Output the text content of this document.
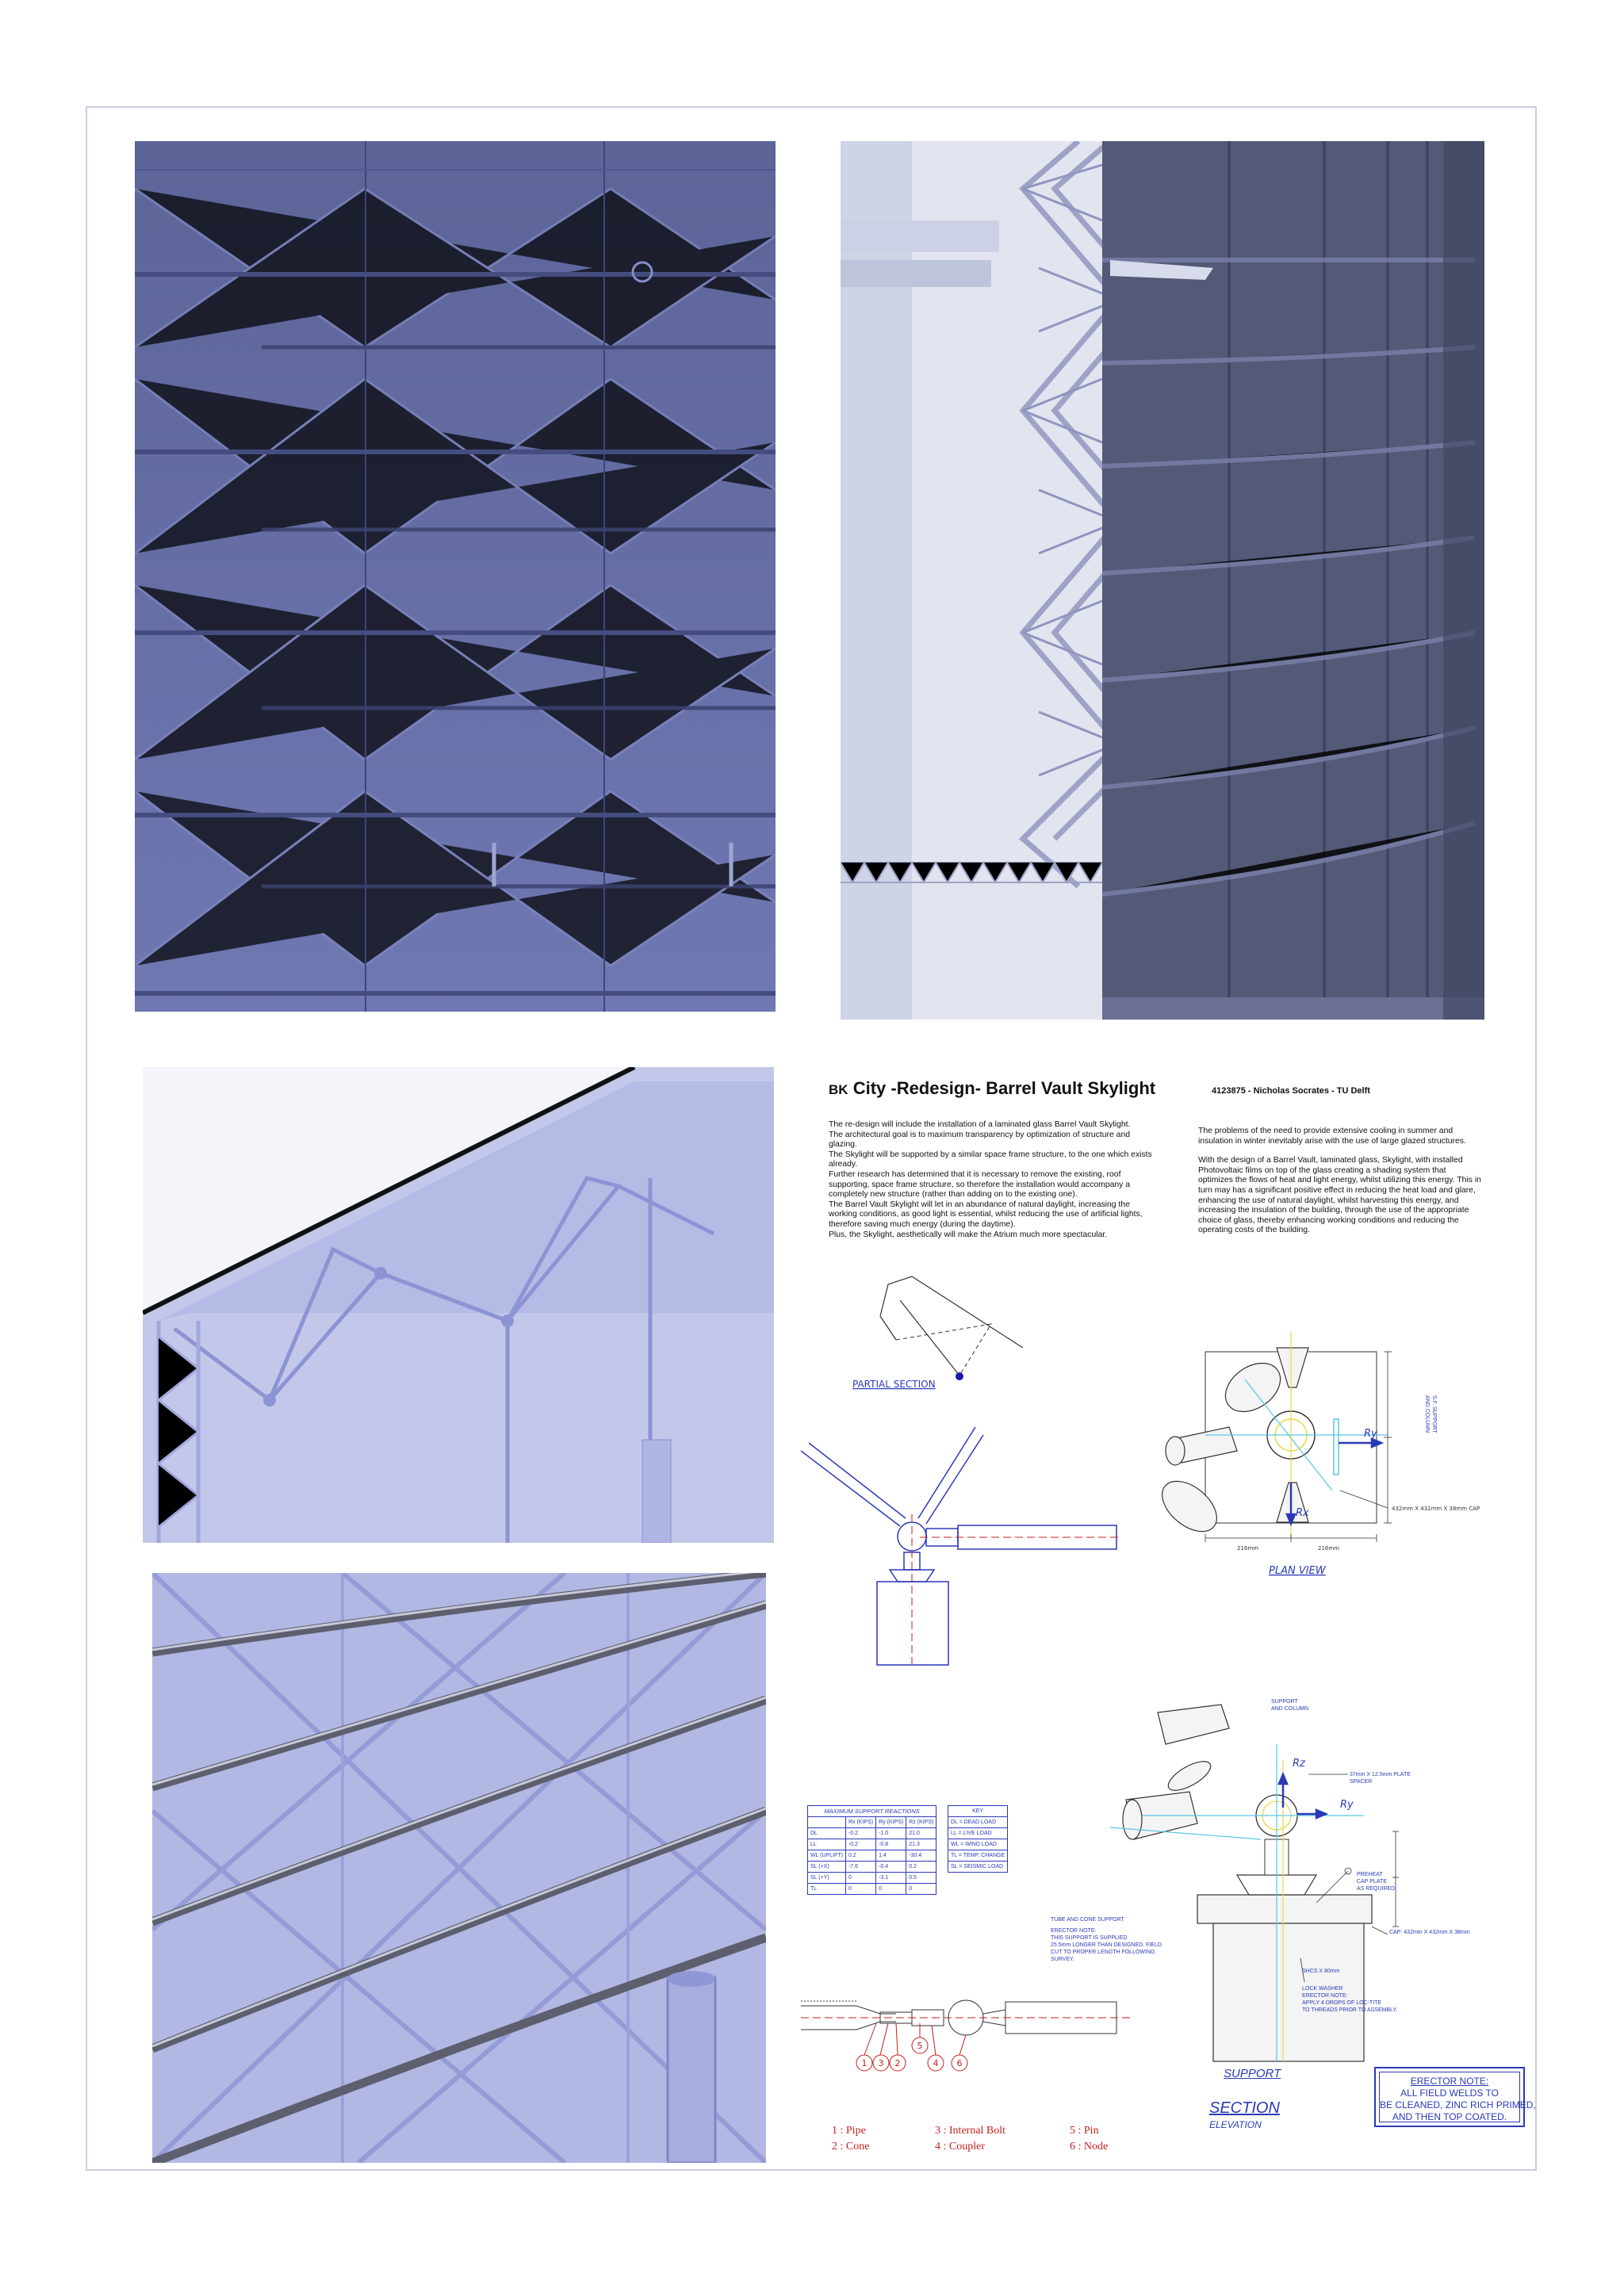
BK City -Redesign- Barrel Vault Skylight	4123875 - Nicholas Socrates - TU Delft

The re-design will include the installation of a laminated glass Barrel Vault Skylight.

The architectural goal is to maximum transparency by optimization of structure and glazing.

The Skylight will be supported by a similar space frame structure, to the one which exists already.

Further research has determined that it is necessary to remove the existing, roof supporting, space frame structure, so therefore the installation would accompany a completely new structure (rather than adding on to the existing one).

The Barrel Vault Skylight will let in an abundance of natural daylight, increasing the working conditions, as good light is essential, whilst reducing the use of artificial lights, therefore saving much energy (during the daytime).

Plus, the Skylight, aesthetically will make the Atrium much more spectacular.

The problems of the need to provide extensive cooling in summer and insulation in winter inevitably arise with the use of large glazed structures.

With the design of a Barrel Vault, laminated glass, Skylight, with installed Photovoltaic films on top of the glass creating a shading system that optimizes the flows of heat and light energy, whilst utilizing this energy. This in turn may has a significant positive effect in reducing the heat load and glare, enhancing the use of natural daylight, whilst harvesting this energy, and increasing the insulation of the building, through the use of the appropriate choice of glass, thereby enhancing working conditions and reducing the operating costs of the building.

PARTIAL SECTION
Ry
Rx
216mm	216mm
432mm X 432mm X 38mm CAP
PLAN VIEW
Rz
Ry
SUPPORT
AND COLUMN
37mm X 12.5mm PLATE
SPACER
PREHEAT
CAP PLATE
AS REQUIRED
CAP: 432mm X 432mm X 38mm
SHCS X 80mm
LOCK WASHER
ERECTOR NOTE:
APPLY 4 DROPS OF LOC-TITE
TO THREADS PRIOR TO ASSEMBLY.
TUBE AND CONE SUPPORT
ERECTOR NOTE:
THIS SUPPORT IS SUPPLIED
25.5mm LONGER THAN DESIGNED. FIELD
CUT TO PROPER LENGTH FOLLOWING
SURVEY.
S.F. SUPPORT
AND COLUMN
SUPPORT
SECTION
ELEVATION
MAXIMUM SUPPORT REACTIONS			
	Rx (KIPS)	Ry (KIPS)	Rz (KIPS)
DL	-0.2	-1.0	21.0
LL	-0.2	-0.8	21.3
WL (UPLIFT)	0.2	1.4	-30.4
SL (+X)	-7.6	-0.4	0.2
SL (+Y)	0	-3.1	0.5
TL	0	0	0
KEY
DL = DEAD LOAD
LL = LIVE LOAD
WL = WIND LOAD
TL = TEMP. CHANGE
SL = SEISMIC LOAD
1 3 2
5
4 6
1 : Pipe
2 : Cone
3 : Internal Bolt
4 : Coupler
5 : Pin
6 : Node
ERECTOR NOTE:
ALL FIELD WELDS TO
BE CLEANED, ZINC RICH PRIMED,
AND THEN TOP COATED.
